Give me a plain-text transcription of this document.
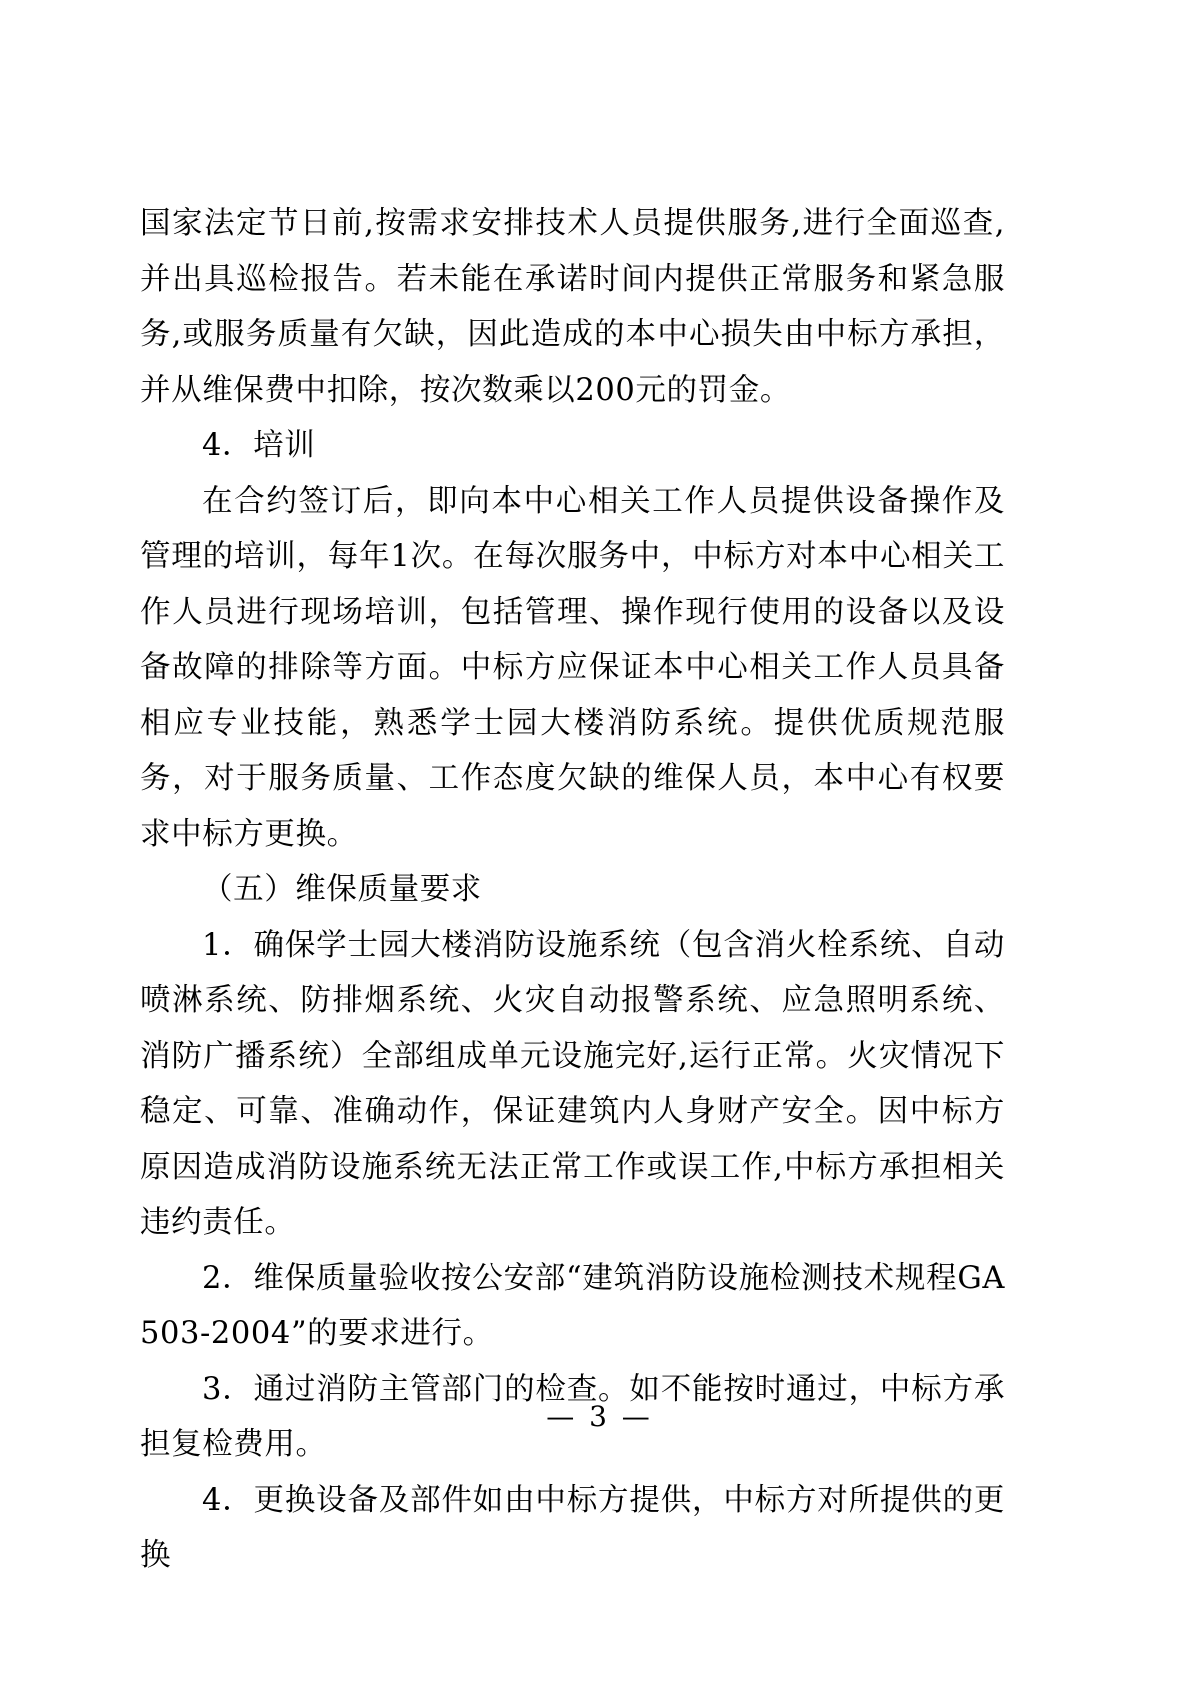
国家法定节日前,按需求安排技术人员提供服务,进行全面巡查,并出具巡检报告。若未能在承诺时间内提供正常服务和紧急服务,或服务质量有欠缺，因此造成的本中心损失由中标方承担，并从维保费中扣除，按次数乘以200元的罚金。

4．培训

在合约签订后，即向本中心相关工作人员提供设备操作及管理的培训，每年1次。在每次服务中，中标方对本中心相关工作人员进行现场培训，包括管理、操作现行使用的设备以及设备故障的排除等方面。中标方应保证本中心相关工作人员具备相应专业技能，熟悉学士园大楼消防系统。提供优质规范服务，对于服务质量、工作态度欠缺的维保人员，本中心有权要求中标方更换。

（五）维保质量要求

1．确保学士园大楼消防设施系统（包含消火栓系统、自动喷淋系统、防排烟系统、火灾自动报警系统、应急照明系统、消防广播系统）全部组成单元设施完好,运行正常。火灾情况下稳定、可靠、准确动作，保证建筑内人身财产安全。因中标方原因造成消防设施系统无法正常工作或误工作,中标方承担相关违约责任。

2．维保质量验收按公安部“建筑消防设施检测技术规程GA503-2004”的要求进行。

3．通过消防主管部门的检查。如不能按时通过，中标方承担复检费用。

4．更换设备及部件如由中标方提供，中标方对所提供的更换

— 3 —
